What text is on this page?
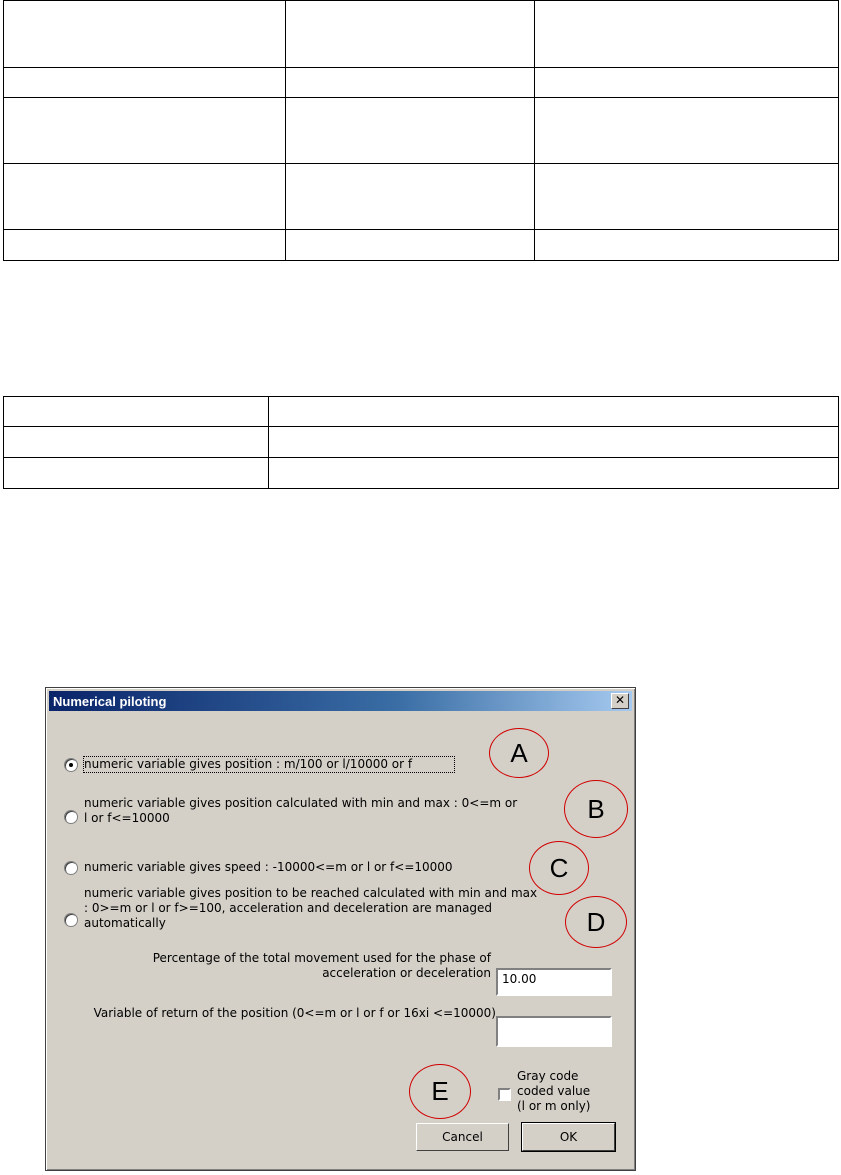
Numerical piloting	✕
numeric variable gives position : m/100 or l/10000 or f
numeric variable gives position calculated with min and max : 0<=m or l or f<=10000
numeric variable gives speed : -10000<=m or l or f<=10000
numeric variable gives position to be reached calculated with min and max : 0>=m or l or f>=100, acceleration and deceleration are managed automatically
Percentage of the total movement used for the phase of acceleration or deceleration 10.00
Variable of return of the position (0<=m or l or f or 16xi <=10000)
Gray code coded value (l or m only)
Cancel	OK
A
B
C
D
E
